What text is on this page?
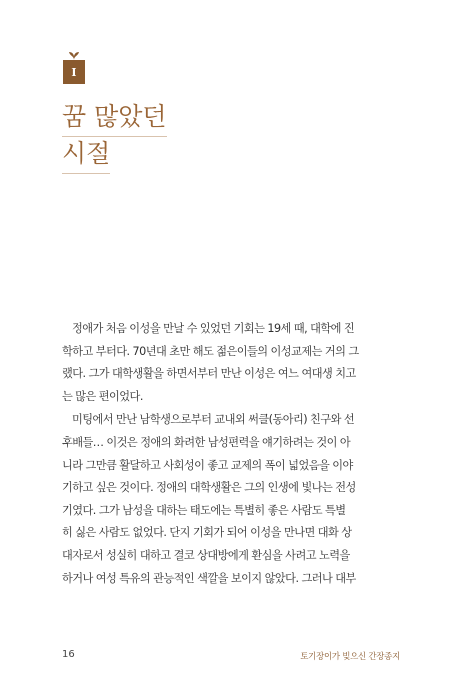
I
꿈 많았던
시절
정애가 처음 이성을 만날 수 있었던 기회는 19세 때, 대학에 진
학하고 부터다. 70년대 초만 해도 젊은이들의 이성교제는 거의 그
랬다. 그가 대학생활을 하면서부터 만난 이성은 여느 여대생 치고
는 많은 편이었다.
미팅에서 만난 남학생으로부터 교내외 써클(동아리) 친구와 선
후배들… 이것은 정애의 화려한 남성편력을 얘기하려는 것이 아
니라 그만큼 활달하고 사회성이 좋고 교제의 폭이 넓었음을 이야
기하고 싶은 것이다. 정애의 대학생활은 그의 인생에 빛나는 전성
기였다. 그가 남성을 대하는 태도에는 특별히 좋은 사람도 특별
히 싫은 사람도 없었다. 단지 기회가 되어 이성을 만나면 대화 상
대자로서 성실히 대하고 결코 상대방에게 환심을 사려고 노력을
하거나 여성 특유의 관능적인 색깔을 보이지 않았다. 그러나 대부
16	토기장이가 빚으신 간장종지
